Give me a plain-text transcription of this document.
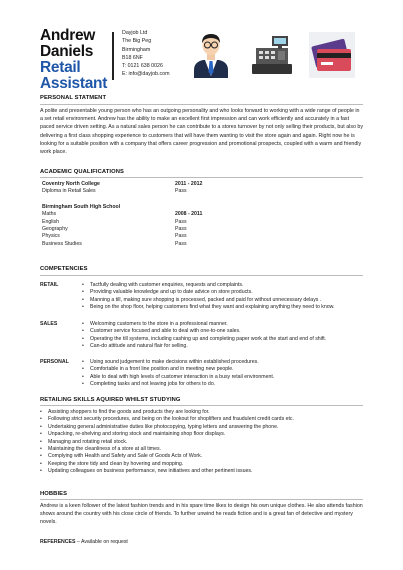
Andrew
Daniels
Retail
Assistant
Dayjob Ltd
The Big Peg
Birmingham
B18 6NF
T: 0121 638 0026
E: info@dayjob.com
PERSONAL STATMENT
A polite and presentable young person who has an outgoing personality and who looks forward to working with a wide range of people in a set retail environment. Andrew has the ability to make an excellent first impression and can work efficiently and accurately in a fast paced service driven setting. As a natural sales person he can contribute to a stores turnover by not only selling their products, but also by delivering a first class shopping experience to customers that will have them wanting to visit the store again and again. Right now he is looking for a suitable position with a company that offers career progression and promotional prospects, coupled with a warm and friendly work place.
ACADEMIC QUALIFICATIONS
Coventry North College	2011 - 2012
Diploma in Retail Sales	Pass
Birmingham South High School
Maths	2008 - 2011
English	Pass
Geography	Pass
Physics	Pass
Business Studies	Pass
COMPETENCIES
RETAIL	• Tactfully dealing with customer enquiries, requests and complaints.
• Providing valuable knowledge and up to date advice on store products.
• Manning a till, making sure shopping is processed, packed and paid for without unnecessary delays .
• Being on the shop floor, helping customers find what they want and explaining anything they need to know.
SALES	• Welcoming customers to the store in a professional manner.
• Customer service focused and able to deal with one-to-one sales.
• Operating the till systems, including cashing up and completing paper work at the start and end of shift.
• Can-do attitude and natural flair for selling.
PERSONAL	• Using sound judgement to make decisions within established procedures.
• Comfortable in a front line position and in meeting new people.
• Able to deal with high levels of customer interaction in a busy retail environment.
• Completing tasks and not leaving jobs for others to do.
RETAILING SKILLS AQUIRED WHILST STUDYING
• Assisting shoppers to find the goods and products they are looking for.
• Following strict security procedures, and being on the lookout for shoplifters and fraudulent credit cards etc.
• Undertaking general administrative duties like photocopying, typing letters and answering the phone.
• Unpacking, re-shelving and storing stock and maintaining shop floor displays.
• Managing and rotating retail stock.
• Maintaining the cleanliness of a store at all times.
• Complying with Health and Safety and Sale of Goods Acts of Work.
• Keeping the store tidy and clean by hovering and mopping.
• Updating colleagues on business performance, new initiatives and other pertinent issues.
HOBBIES
Andrew is a keen follower of the latest fashion trends and in his spare time likes to design his own unique clothes. He also attends fashion shows around the country with his close circle of friends. To further unwind he reads fiction and is a great fan of detective and mystery novels.
REFERENCES – Available on request
